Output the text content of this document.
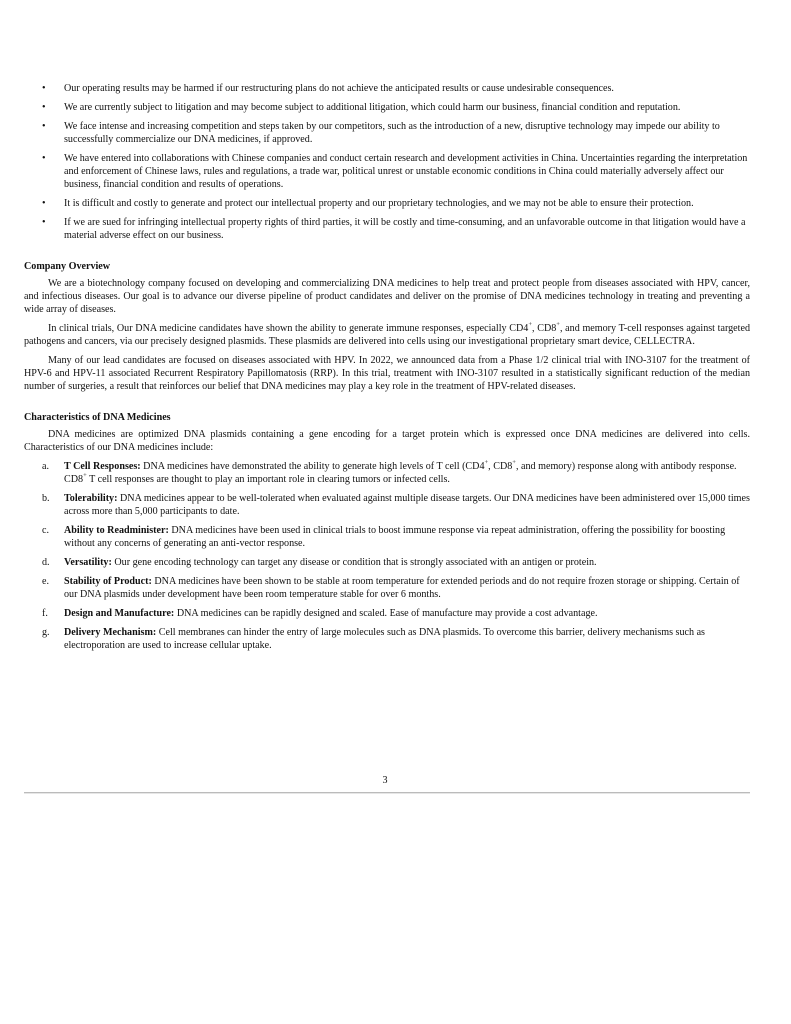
• Our operating results may be harmed if our restructuring plans do not achieve the anticipated results or cause undesirable consequences.
• We are currently subject to litigation and may become subject to additional litigation, which could harm our business, financial condition and reputation.
• We face intense and increasing competition and steps taken by our competitors, such as the introduction of a new, disruptive technology may impede our ability to successfully commercialize our DNA medicines, if approved.
• We have entered into collaborations with Chinese companies and conduct certain research and development activities in China. Uncertainties regarding the interpretation and enforcement of Chinese laws, rules and regulations, a trade war, political unrest or unstable economic conditions in China could materially adversely affect our business, financial condition and results of operations.
• It is difficult and costly to generate and protect our intellectual property and our proprietary technologies, and we may not be able to ensure their protection.
• If we are sued for infringing intellectual property rights of third parties, it will be costly and time-consuming, and an unfavorable outcome in that litigation would have a material adverse effect on our business.
Company Overview

We are a biotechnology company focused on developing and commercializing DNA medicines to help treat and protect people from diseases associated with HPV, cancer, and infectious diseases. Our goal is to advance our diverse pipeline of product candidates and deliver on the promise of DNA medicines technology in treating and preventing a wide array of diseases.

In clinical trials, Our DNA medicine candidates have shown the ability to generate immune responses, especially CD4+, CD8+, and memory T-cell responses against targeted pathogens and cancers, via our precisely designed plasmids. These plasmids are delivered into cells using our investigational proprietary smart device, CELLECTRA.

Many of our lead candidates are focused on diseases associated with HPV. In 2022, we announced data from a Phase 1/2 clinical trial with INO-3107 for the treatment of HPV-6 and HPV-11 associated Recurrent Respiratory Papillomatosis (RRP). In this trial, treatment with INO-3107 resulted in a statistically significant reduction of the median number of surgeries, a result that reinforces our belief that DNA medicines may play a key role in the treatment of HPV-related diseases.

Characteristics of DNA Medicines

DNA medicines are optimized DNA plasmids containing a gene encoding for a target protein which is expressed once DNA medicines are delivered into cells. Characteristics of our DNA medicines include:

a. T Cell Responses: DNA medicines have demonstrated the ability to generate high levels of T cell (CD4+, CD8+, and memory) response along with antibody response. CD8+ T cell responses are thought to play an important role in clearing tumors or infected cells.
b. Tolerability: DNA medicines appear to be well-tolerated when evaluated against multiple disease targets. Our DNA medicines have been administered over 15,000 times across more than 5,000 participants to date.
c. Ability to Readminister: DNA medicines have been used in clinical trials to boost immune response via repeat administration, offering the possibility for boosting without any concerns of generating an anti-vector response.
d. Versatility: Our gene encoding technology can target any disease or condition that is strongly associated with an antigen or protein.
e. Stability of Product: DNA medicines have been shown to be stable at room temperature for extended periods and do not require frozen storage or shipping. Certain of our DNA plasmids under development have been room temperature stable for over 6 months.
f. Design and Manufacture: DNA medicines can be rapidly designed and scaled. Ease of manufacture may provide a cost advantage.
g. Delivery Mechanism: Cell membranes can hinder the entry of large molecules such as DNA plasmids. To overcome this barrier, delivery mechanisms such as electroporation are used to increase cellular uptake.
3
